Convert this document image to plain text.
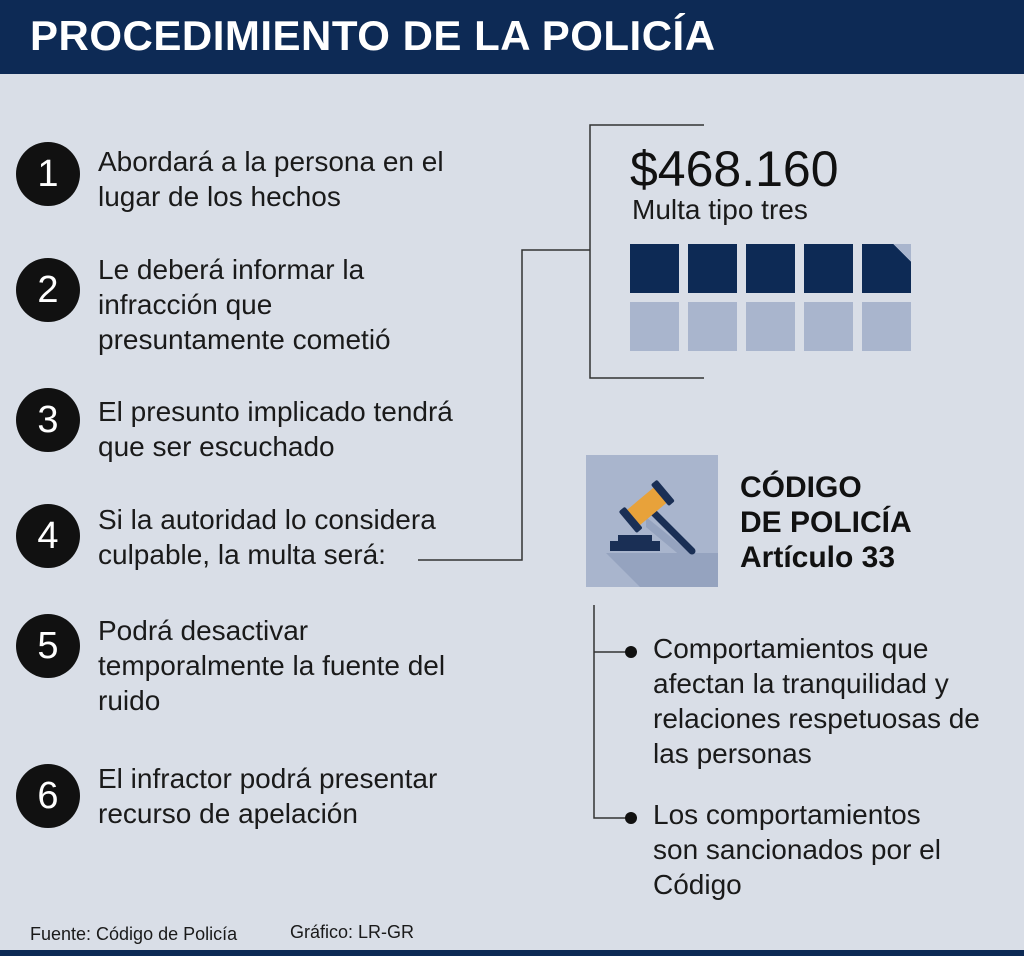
PROCEDIMIENTO DE LA POLICÍA
1	Abordará a la persona en el lugar de los hechos
2	Le deberá informar la infracción que presuntamente cometió
3	El presunto implicado tendrá que ser escuchado
4	Si la autoridad lo considera culpable, la multa será:
5	Podrá desactivar temporalmente la fuente del ruido
6	El infractor podrá presentar recurso de apelación
$468.160
Multa tipo tres
CÓDIGO
DE POLICÍA
Artículo 33
Comportamientos que afectan la tranquilidad y relaciones respetuosas de las personas
Los comportamientos son sancionados por el Código
Fuente: Código de Policía	Gráfico: LR-GR
